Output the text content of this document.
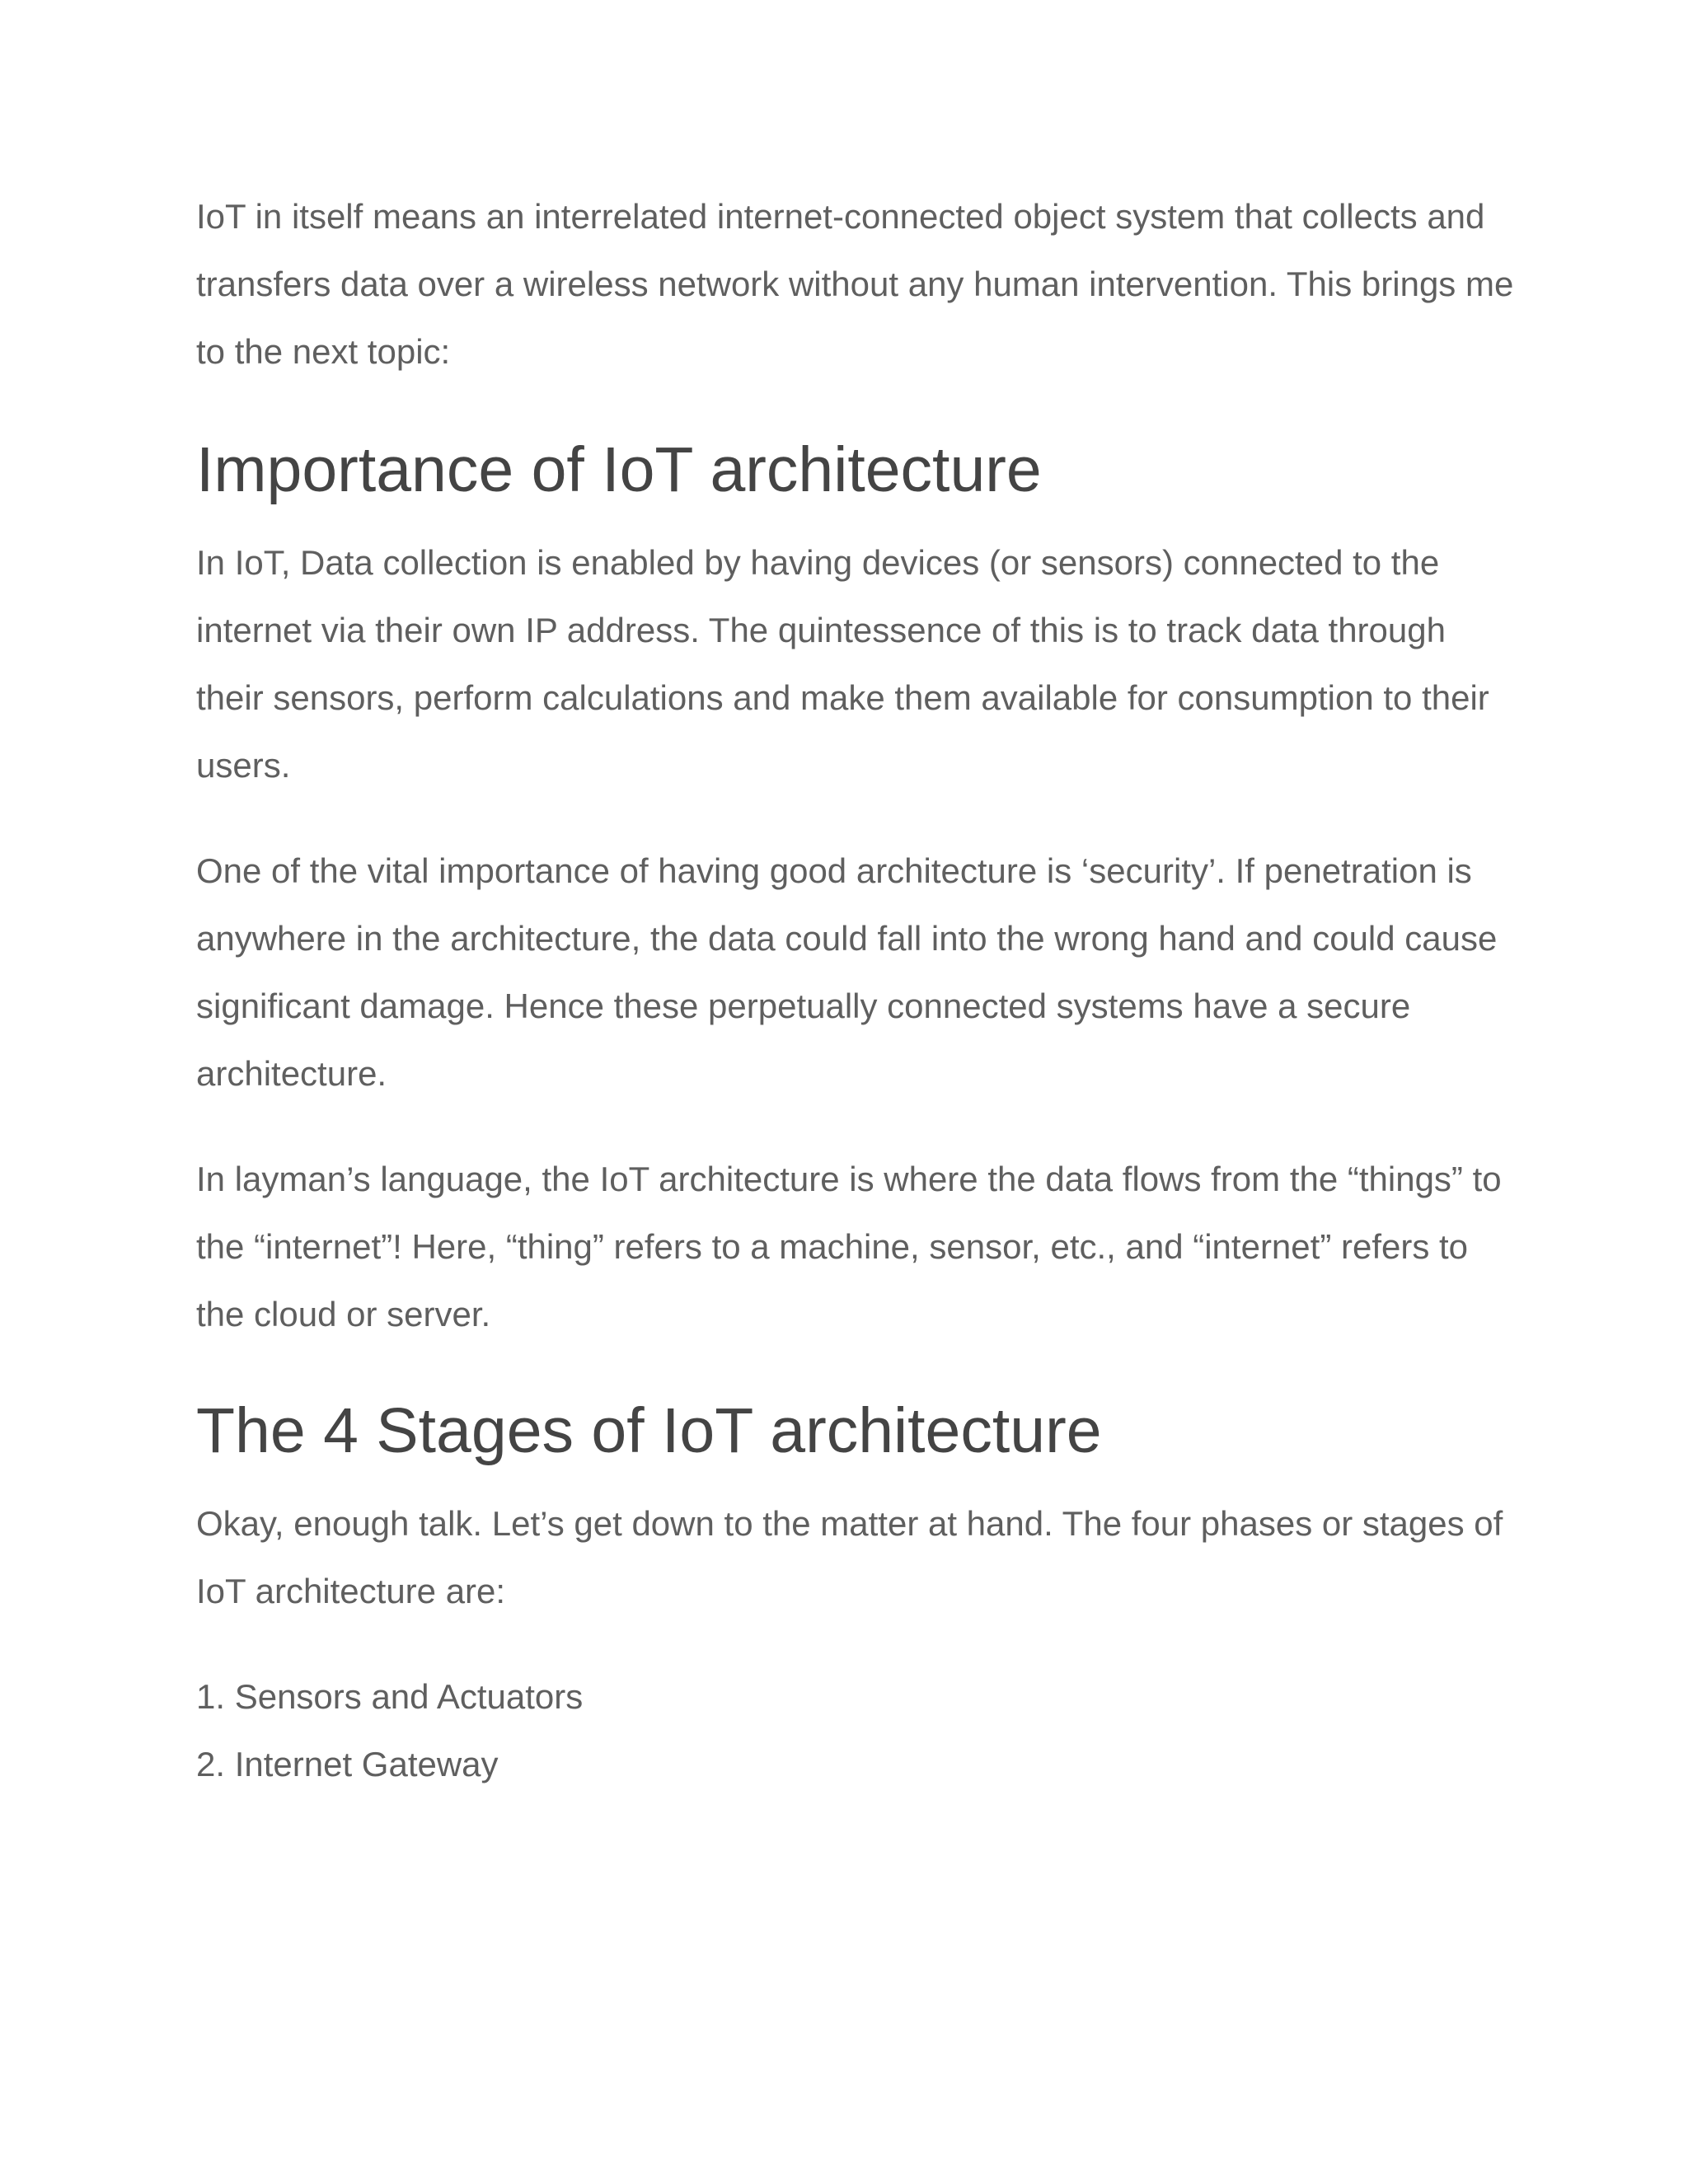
IoT in itself means an interrelated internet-connected object system that collects and transfers data over a wireless network without any human intervention. This brings me to the next topic:

Importance of IoT architecture

In IoT, Data collection is enabled by having devices (or sensors) connected to the internet via their own IP address. The quintessence of this is to track data through their sensors, perform calculations and make them available for consumption to their users.

One of the vital importance of having good architecture is ‘security’. If penetration is anywhere in the architecture, the data could fall into the wrong hand and could cause significant damage. Hence these perpetually connected systems have a secure architecture.

In layman’s language, the IoT architecture is where the data flows from the “things” to the “internet”! Here, “thing” refers to a machine, sensor, etc., and “internet” refers to the cloud or server.

The 4 Stages of IoT architecture

Okay, enough talk. Let’s get down to the matter at hand. The four phases or stages of IoT architecture are:

1. Sensors and Actuators
2. Internet Gateway
